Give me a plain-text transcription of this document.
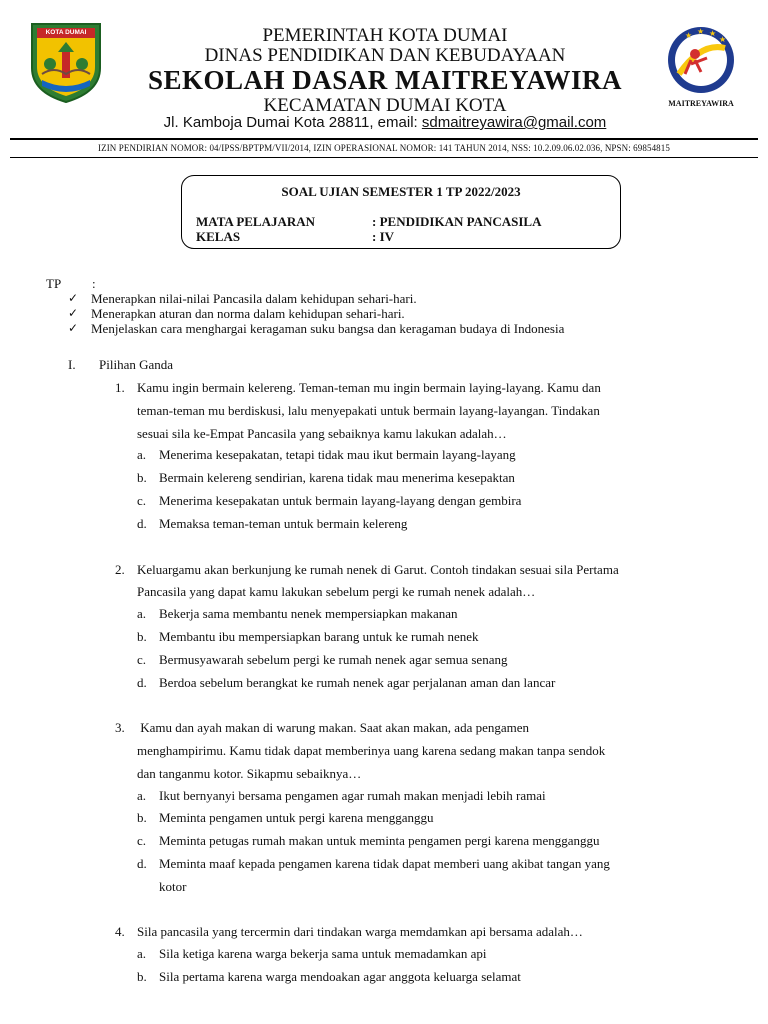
KOTA DUMAI	PEMERINTAH KOTA DUMAI
DINAS PENDIDIKAN DAN KEBUDAYAAN
SEKOLAH DASAR MAITREYAWIRA
KECAMATAN DUMAI KOTA
Jl. Kamboja Dumai Kota 28811, email: sdmaitreyawira@gmail.com
★ ★ ★
★
MAITREYAWIRA
IZIN PENDIRIAN NOMOR: 04/IPSS/BPTPM/VII/2014, IZIN OPERASIONAL NOMOR: 141 TAHUN 2014, NSS: 10.2.09.06.02.036, NPSN: 69854815
SOAL UJIAN SEMESTER 1 TP 2022/2023
MATA PELAJARAN	: PENDIDIKAN PANCASILA
KELAS	: IV
TP :
✓ Menerapkan nilai-nilai Pancasila dalam kehidupan sehari-hari.
✓ Menerapkan aturan dan norma dalam kehidupan sehari-hari.
✓ Menjelaskan cara menghargai keragaman suku bangsa dan keragaman budaya di Indonesia
I. Pilihan Ganda
1. Kamu ingin bermain kelereng. Teman-teman mu ingin bermain laying-layang. Kamu dan
teman-teman mu berdiskusi, lalu menyepakati untuk bermain layang-layangan. Tindakan
sesuai sila ke-Empat Pancasila yang sebaiknya kamu lakukan adalah…
a. Menerima kesepakatan, tetapi tidak mau ikut bermain layang-layang
b. Bermain kelereng sendirian, karena tidak mau menerima kesepaktan
c. Menerima kesepakatan untuk bermain layang-layang dengan gembira
d. Memaksa teman-teman untuk bermain kelereng
2. Keluargamu akan berkunjung ke rumah nenek di Garut. Contoh tindakan sesuai sila Pertama
Pancasila yang dapat kamu lakukan sebelum pergi ke rumah nenek adalah…
a. Bekerja sama membantu nenek mempersiapkan makanan
b. Membantu ibu mempersiapkan barang untuk ke rumah nenek
c. Bermusyawarah sebelum pergi ke rumah nenek agar semua senang
d. Berdoa sebelum berangkat ke rumah nenek agar perjalanan aman dan lancar
3. Kamu dan ayah makan di warung makan. Saat akan makan, ada pengamen
menghampirimu. Kamu tidak dapat memberinya uang karena sedang makan tanpa sendok
dan tanganmu kotor. Sikapmu sebaiknya…
a. Ikut bernyanyi bersama pengamen agar rumah makan menjadi lebih ramai
b. Meminta pengamen untuk pergi karena mengganggu
c. Meminta petugas rumah makan untuk meminta pengamen pergi karena mengganggu
d. Meminta maaf kepada pengamen karena tidak dapat memberi uang akibat tangan yang
kotor
4. Sila pancasila yang tercermin dari tindakan warga memdamkan api bersama adalah…
a. Sila ketiga karena warga bekerja sama untuk memadamkan api
b. Sila pertama karena warga mendoakan agar anggota keluarga selamat
